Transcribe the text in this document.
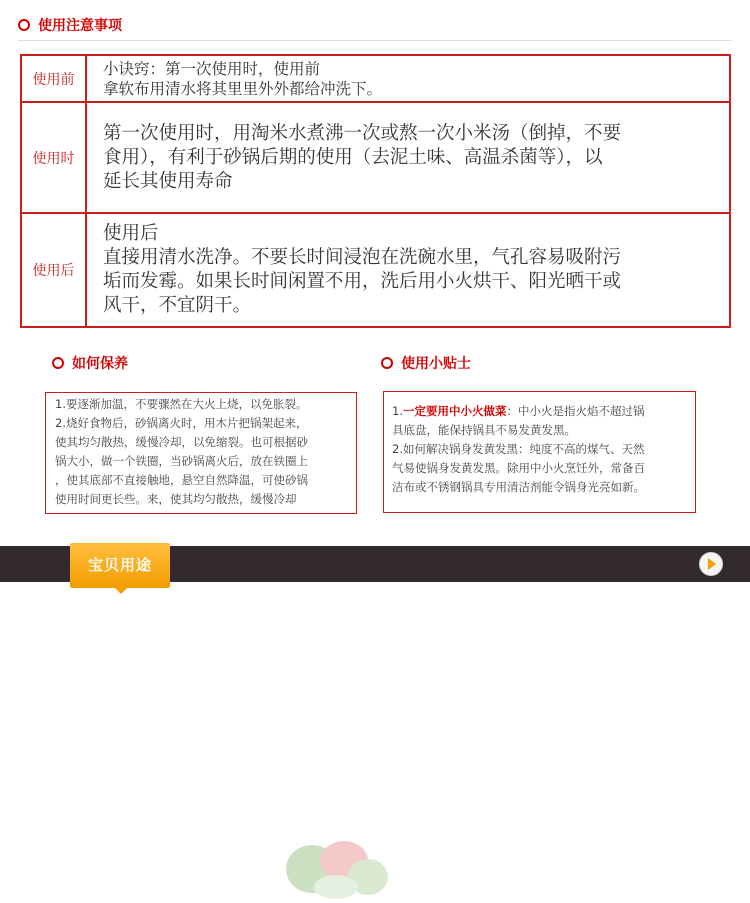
使用注意事项
使用前	小诀窍：第一次使用时，使用前
拿软布用清水将其里里外外都给冲洗下。

使用时	第一次使用时，用淘米水煮沸一次或熬一次小米汤（倒掉，不要
食用），有利于砂锅后期的使用（去泥土味、高温杀菌等），以
延长其使用寿命

使用后	使用后
直接用清水洗净。不要长时间浸泡在洗碗水里，气孔容易吸附污
垢而发霉。如果长时间闲置不用，洗后用小火烘干、阳光晒干或
风干，不宜阴干。
如何保养

1.要逐渐加温，不要骤然在大火上烧，以免胀裂。

2.烧好食物后，砂锅离火时，用木片把锅架起来，

使其均匀散热，缓慢冷却，以免缩裂。也可根据砂

锅大小，做一个铁圈，当砂锅离火后，放在铁圈上

，使其底部不直接触地，悬空自然降温，可使砂锅

使用时间更长些。来，使其均匀散热，缓慢冷却

使用小贴士

1.一定要用中小火做菜：中小火是指火焰不超过锅

具底盘，能保持锅具不易发黄发黑。

2.如何解决锅身发黄发黑：纯度不高的煤气、天然

气易使锅身发黄发黑。除用中小火烹饪外，常备百

洁布或不锈钢锅具专用清洁剂能令锅身光亮如新。

宝贝用途
